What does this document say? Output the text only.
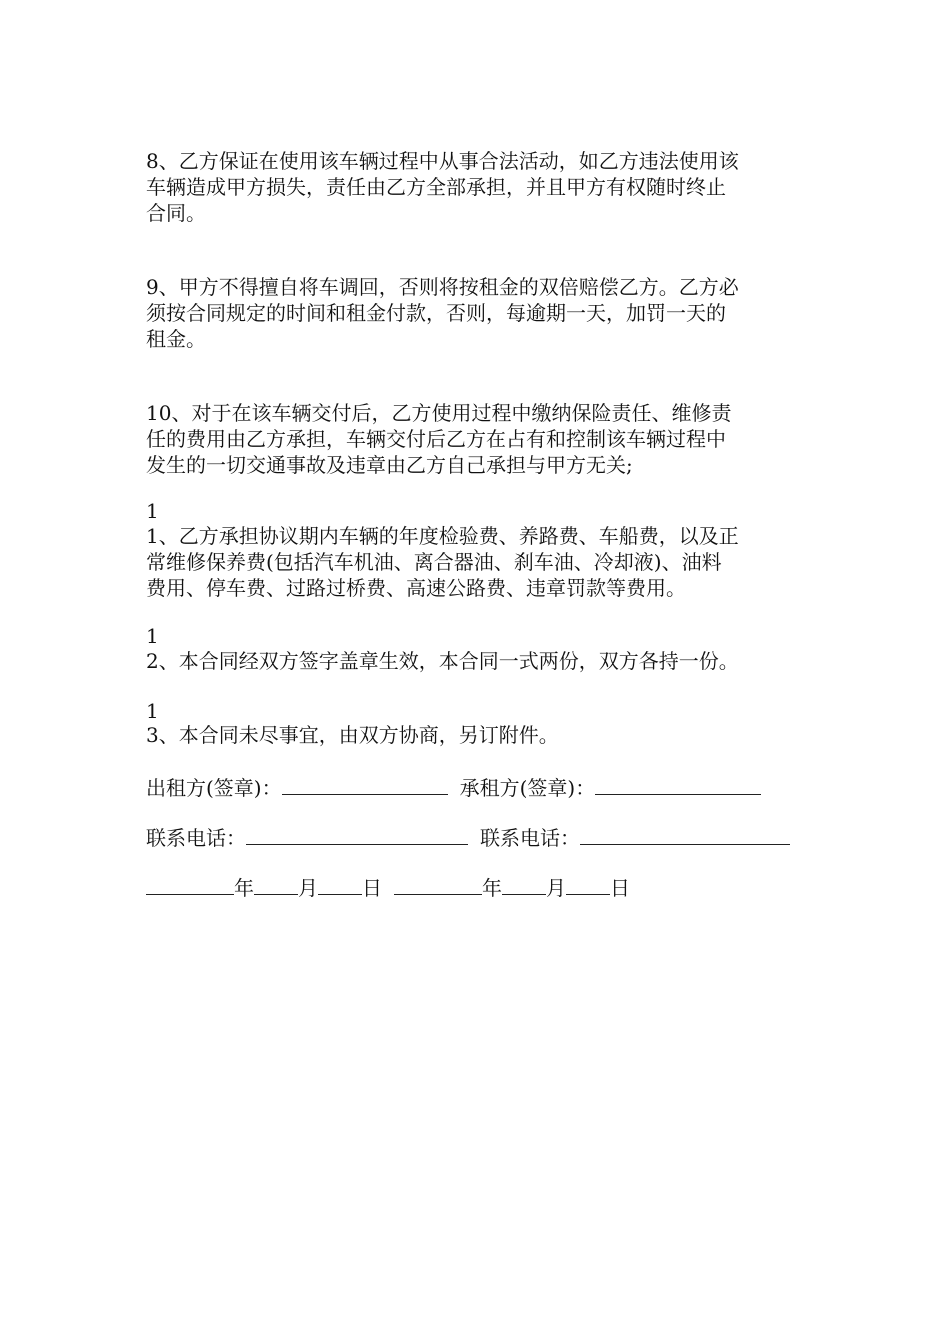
8、乙方保证在使用该车辆过程中从事合法活动，如乙方违法使用该
车辆造成甲方损失，责任由乙方全部承担，并且甲方有权随时终止
合同。
9、甲方不得擅自将车调回，否则将按租金的双倍赔偿乙方。乙方必
须按合同规定的时间和租金付款，否则，每逾期一天，加罚一天的
租金。
10、对于在该车辆交付后，乙方使用过程中缴纳保险责任、维修责
任的费用由乙方承担，车辆交付后乙方在占有和控制该车辆过程中
发生的一切交通事故及违章由乙方自己承担与甲方无关;
1
1、乙方承担协议期内车辆的年度检验费、养路费、车船费，以及正
常维修保养费(包括汽车机油、离合器油、刹车油、冷却液)、油料
费用、停车费、过路过桥费、高速公路费、违章罚款等费用。
1
2、本合同经双方签字盖章生效，本合同一式两份，双方各持一份。
1
3、本合同未尽事宜，由双方协商，另订附件。
出租方(签章)：	承租方(签章)：
联系电话：	联系电话：
年 月 日	年 月 日
